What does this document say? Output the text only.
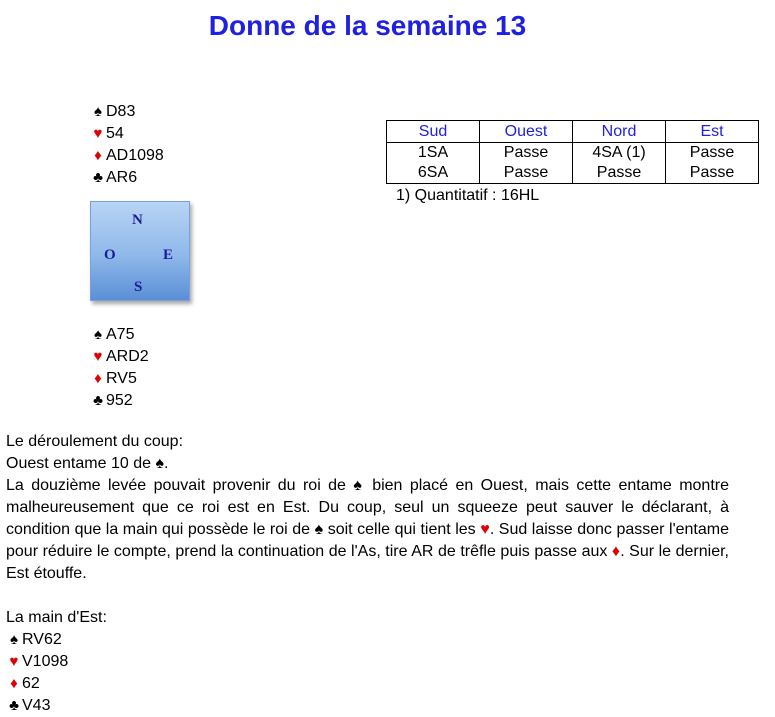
Donne de la semaine 13
♠ D83
♥ 54
♦ AD1098
♣ AR6
N
O	E
S
♠ A75
♥ ARD2
♦ RV5
♣ 952
Sud	Ouest	Nord	Est
1SA	Passe	4SA (1)	Passe
6SA	Passe	Passe	Passe
1) Quantitatif : 16HL

Le déroulement du coup:

Ouest entame 10 de ♠.

La douzième levée pouvait provenir du roi de ♠ bien placé en Ouest, mais cette entame montre malheureusement que ce roi est en Est. Du coup, seul un squeeze peut sauver le déclarant, à condition que la main qui possède le roi de ♠ soit celle qui tient les ♥. Sud laisse donc passer l'entame pour réduire le compte, prend la continuation de l'As, tire AR de trêfle puis passe aux ♦. Sur le dernier, Est étouffe.

La main d'Est:

♠ RV62
♥ V1098
♦ 62
♣ V43
